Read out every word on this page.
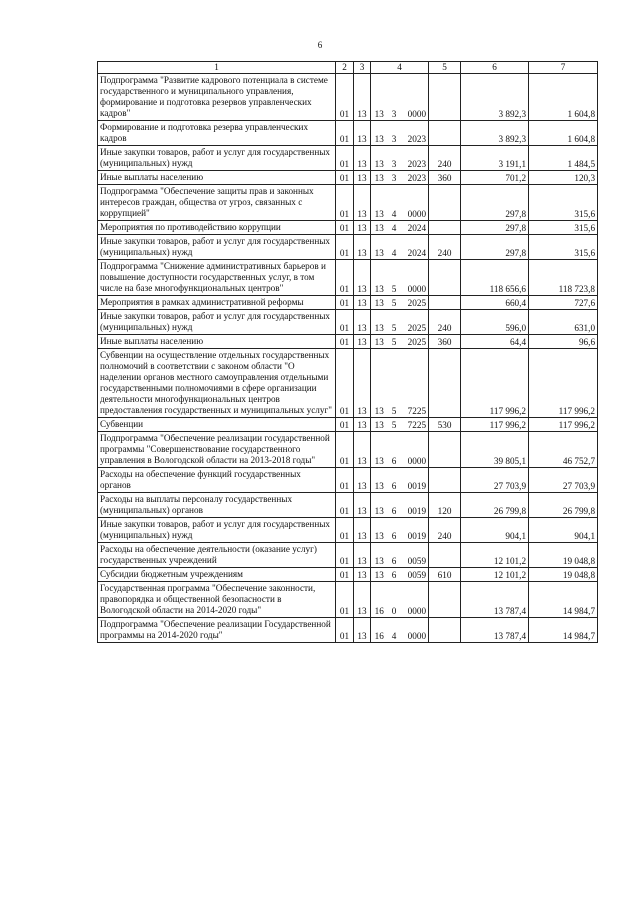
6
1	2	3	4			5	6	7
Подпрограмма "Развитие кадрового потенциала в системе государственного и муниципального управления, формирование и подготовка резервов управленческих кадров"	01	13	13	3	0000		3 892,3	1 604,8
Формирование и подготовка резерва управленческих кадров	01	13	13	3	2023		3 892,3	1 604,8
Иные закупки товаров, работ и услуг для государственных (муниципальных) нужд	01	13	13	3	2023	240	3 191,1	1 484,5
Иные выплаты населению	01	13	13	3	2023	360	701,2	120,3
Подпрограмма "Обеспечение защиты прав и законных интересов граждан, общества от угроз, связанных с коррупцией"	01	13	13	4	0000		297,8	315,6
Мероприятия по противодействию коррупции	01	13	13	4	2024		297,8	315,6
Иные закупки товаров, работ и услуг для государственных (муниципальных) нужд	01	13	13	4	2024	240	297,8	315,6
Подпрограмма "Снижение административных барьеров и повышение доступности государственных услуг, в том числе на базе многофункциональных центров"	01	13	13	5	0000		118 656,6	118 723,8
Мероприятия в рамках административной реформы	01	13	13	5	2025		660,4	727,6
Иные закупки товаров, работ и услуг для государственных (муниципальных) нужд	01	13	13	5	2025	240	596,0	631,0
Иные выплаты населению	01	13	13	5	2025	360	64,4	96,6
Субвенции на осуществление отдельных государственных полномочий в соответствии с законом области "О наделении органов местного самоуправления отдельными государственными полномочиями в сфере организации деятельности многофункциональных центров предоставления государственных и муниципальных услуг"	01	13	13	5	7225		117 996,2	117 996,2
Субвенции	01	13	13	5	7225	530	117 996,2	117 996,2
Подпрограмма "Обеспечение реализации государственной программы "Совершенствование государственного управления в Вологодской области на 2013-2018 годы"	01	13	13	6	0000		39 805,1	46 752,7
Расходы на обеспечение функций государственных органов	01	13	13	6	0019		27 703,9	27 703,9
Расходы на выплаты персоналу государственных (муниципальных) органов	01	13	13	6	0019	120	26 799,8	26 799,8
Иные закупки товаров, работ и услуг для государственных (муниципальных) нужд	01	13	13	6	0019	240	904,1	904,1
Расходы на обеспечение деятельности (оказание услуг) государственных учреждений	01	13	13	6	0059		12 101,2	19 048,8
Субсидии бюджетным учреждениям	01	13	13	6	0059	610	12 101,2	19 048,8
Государственная программа "Обеспечение законности, правопорядка и общественной безопасности в Вологодской области на 2014-2020 годы"	01	13	16	0	0000		13 787,4	14 984,7
Подпрограмма "Обеспечение реализации Государственной программы на 2014-2020 годы"	01	13	16	4	0000		13 787,4	14 984,7
